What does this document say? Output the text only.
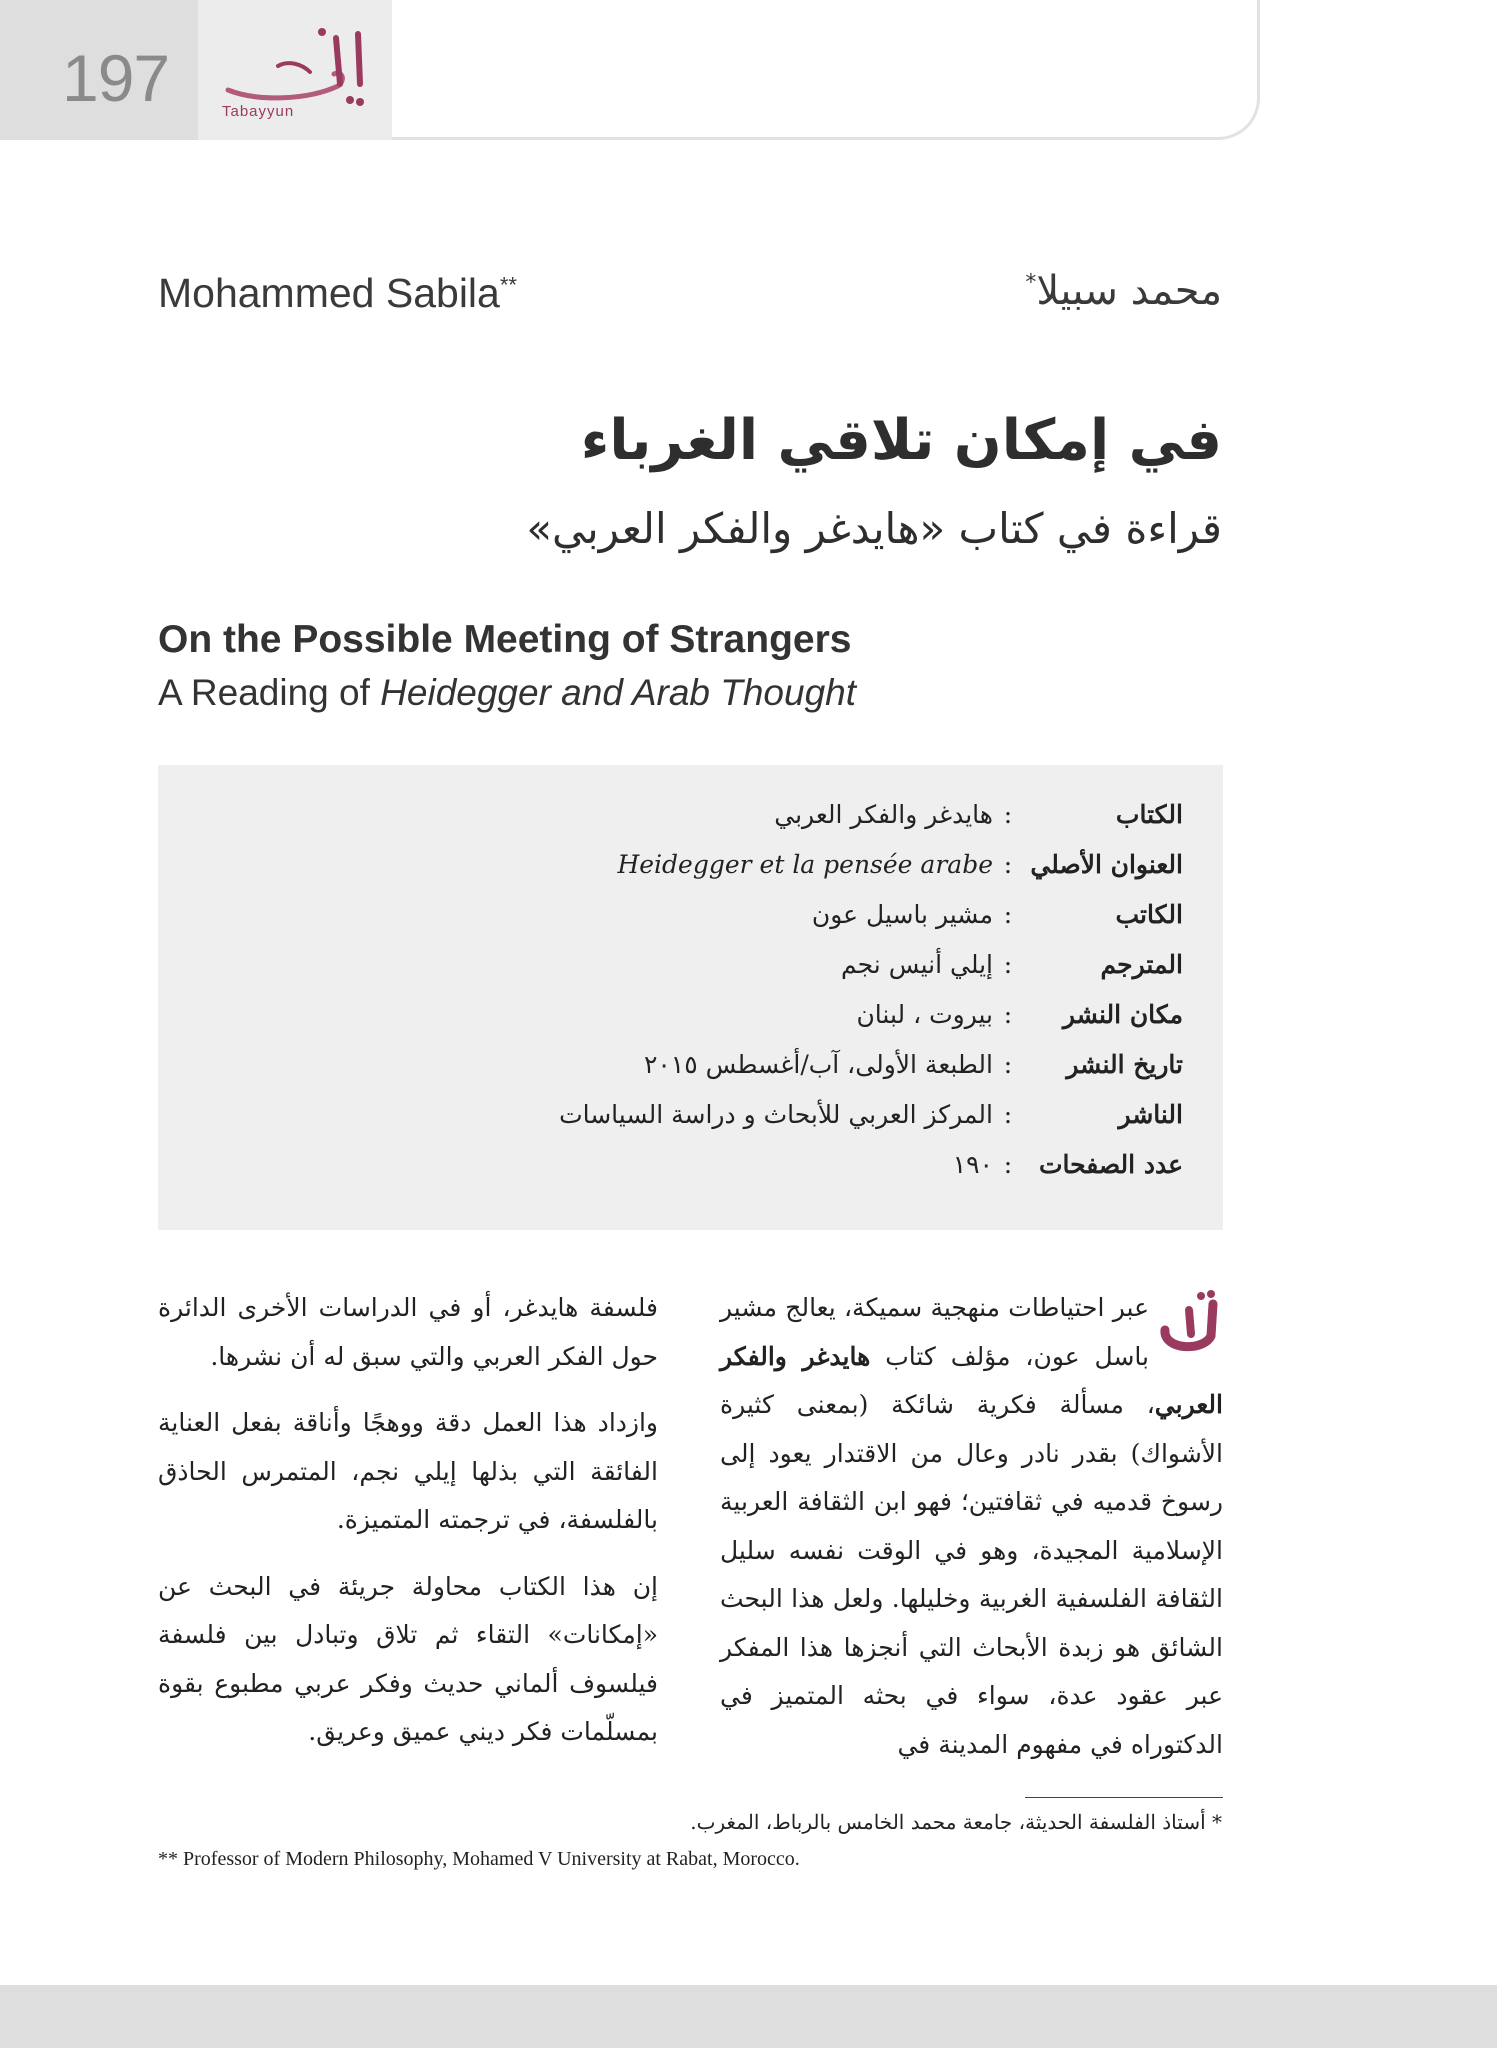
197	Tabayyun
Mohammed Sabila**	محمد سبيلا*
في إمكان تلاقي الغرباء
قراءة في كتاب «هايدغر والفكر العربي»
On the Possible Meeting of Strangers
A Reading of Heidegger and Arab Thought
الكتاب
:
هايدغر والفكر العربي
العنوان الأصلي
:
Heidegger et la pensée arabe
الكاتب
:
مشير باسيل عون
المترجم
:
إيلي أنيس نجم
مكان النشر
:
بيروت ، لبنان
تاريخ النشر
:
الطبعة الأولى، آب/أغسطس ٢٠١٥
الناشر
:
المركز العربي للأبحاث و دراسة السياسات
عدد الصفحات
:
١٩٠
عبر احتياطات منهجية سميكة، يعالج مشير باسل عون، مؤلف كتاب هايدغر والفكر العربي، مسألة فكرية شائكة (بمعنى كثيرة الأشواك) بقدر نادر وعال من الاقتدار يعود إلى رسوخ قدميه في ثقافتين؛ فهو ابن الثقافة العربية الإسلامية المجيدة، وهو في الوقت نفسه سليل الثقافة الفلسفية الغربية وخليلها. ولعل هذا البحث الشائق هو زبدة الأبحاث التي أنجزها هذا المفكر عبر عقود عدة، سواء في بحثه المتميز في الدكتوراه في مفهوم المدينة في

فلسفة هايدغر، أو في الدراسات الأخرى الدائرة حول الفكر العربي والتي سبق له أن نشرها.

وازداد هذا العمل دقة ووهجًا وأناقة بفعل العناية الفائقة التي بذلها إيلي نجم، المتمرس الحاذق بالفلسفة، في ترجمته المتميزة.

إن هذا الكتاب محاولة جريئة في البحث عن «إمكانات» التقاء ثم تلاق وتبادل بين فلسفة فيلسوف ألماني حديث وفكر عربي مطبوع بقوة بمسلّمات فكر ديني عميق وعريق.

* أستاذ الفلسفة الحديثة، جامعة محمد الخامس بالرباط، المغرب.
** Professor of Modern Philosophy, Mohamed V University at Rabat, Morocco.
